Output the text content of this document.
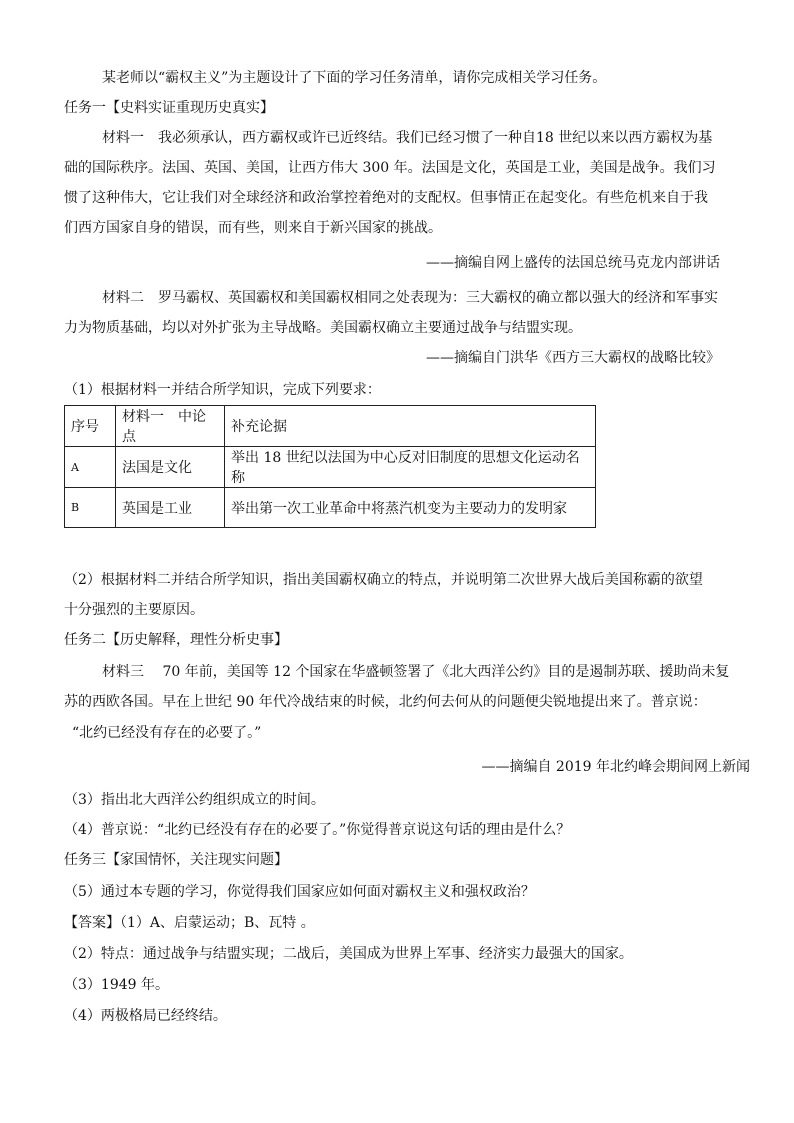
某老师以“霸权主义”为主题设计了下面的学习任务清单，请你完成相关学习任务。
任务一【史料实证重现历史真实】
材料一　我必须承认，西方霸权或许已近终结。我们已经习惯了一种自18 世纪以来以西方霸权为基
础的国际秩序。法国、英国、美国，让西方伟大 300 年。法国是文化，英国是工业，美国是战争。我们习
惯了这种伟大，它让我们对全球经济和政治掌控着绝对的支配权。但事情正在起变化。有些危机来自于我
们西方国家自身的错误，而有些，则来自于新兴国家的挑战。
——摘编自网上盛传的法国总统马克龙内部讲话
材料二　罗马霸权、英国霸权和美国霸权相同之处表现为：三大霸权的确立都以强大的经济和军事实
力为物质基础，均以对外扩张为主导战略。美国霸权确立主要通过战争与结盟实现。
——摘编自门洪华《西方三大霸权的战略比较》
（1）根据材料一并结合所学知识，完成下列要求：
序号	材料一　中论点	补充论据
A	法国是文化	举出 18 世纪以法国为中心反对旧制度的思想文化运动名称
B	英国是工业	举出第一次工业革命中将蒸汽机变为主要动力的发明家
（2）根据材料二并结合所学知识，指出美国霸权确立的特点，并说明第二次世界大战后美国称霸的欲望
十分强烈的主要原因。
任务二【历史解释，理性分析史事】
材料三　 70 年前，美国等 12 个国家在华盛顿签署了《北大西洋公约》目的是遏制苏联、援助尚未复
苏的西欧各国。早在上世纪 90 年代冷战结束的时候，北约何去何从的问题便尖锐地提出来了。普京说：
“北约已经没有存在的必要了。”
——摘编自 2019 年北约峰会期间网上新闻
（3）指出北大西洋公约组织成立的时间。
（4）普京说：“北约已经没有存在的必要了。”你觉得普京说这句话的理由是什么？
任务三【家国情怀，关注现实问题】
（5）通过本专题的学习，你觉得我们国家应如何面对霸权主义和强权政治？
【答案】（1）A、启蒙运动；B、瓦特 。
（2）特点：通过战争与结盟实现；二战后，美国成为世界上军事、经济实力最强大的国家。
（3）1949 年。
（4）两极格局已经终结。
